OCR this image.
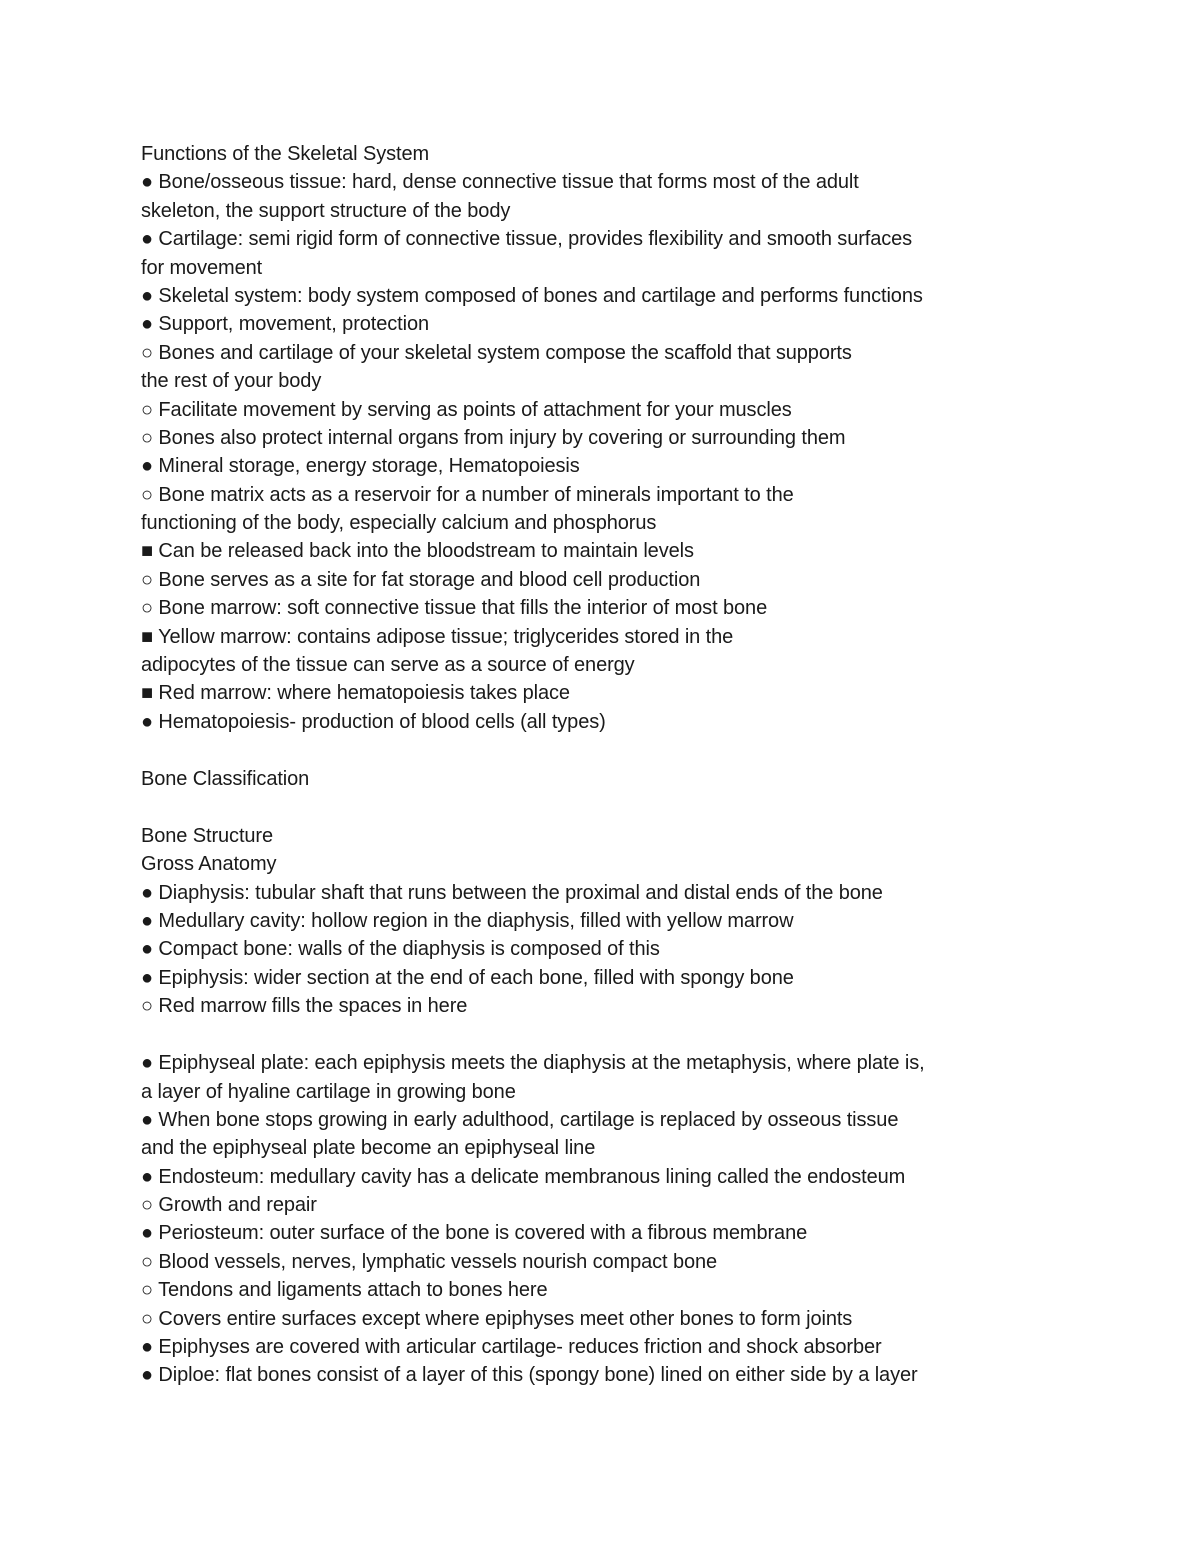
Functions of the Skeletal System
● Bone/osseous tissue: hard, dense connective tissue that forms most of the adult
skeleton, the support structure of the body
● Cartilage: semi rigid form of connective tissue, provides flexibility and smooth surfaces
for movement
● Skeletal system: body system composed of bones and cartilage and performs functions
● Support, movement, protection
○ Bones and cartilage of your skeletal system compose the scaffold that supports
the rest of your body
○ Facilitate movement by serving as points of attachment for your muscles
○ Bones also protect internal organs from injury by covering or surrounding them
● Mineral storage, energy storage, Hematopoiesis
○ Bone matrix acts as a reservoir for a number of minerals important to the
functioning of the body, especially calcium and phosphorus
■ Can be released back into the bloodstream to maintain levels
○ Bone serves as a site for fat storage and blood cell production
○ Bone marrow: soft connective tissue that fills the interior of most bone
■ Yellow marrow: contains adipose tissue; triglycerides stored in the
adipocytes of the tissue can serve as a source of energy
■ Red marrow: where hematopoiesis takes place
● Hematopoiesis- production of blood cells (all types)
Bone Classification
Bone Structure
Gross Anatomy
● Diaphysis: tubular shaft that runs between the proximal and distal ends of the bone
● Medullary cavity: hollow region in the diaphysis, filled with yellow marrow
● Compact bone: walls of the diaphysis is composed of this
● Epiphysis: wider section at the end of each bone, filled with spongy bone
○ Red marrow fills the spaces in here
● Epiphyseal plate: each epiphysis meets the diaphysis at the metaphysis, where plate is,
a layer of hyaline cartilage in growing bone
● When bone stops growing in early adulthood, cartilage is replaced by osseous tissue
and the epiphyseal plate become an epiphyseal line
● Endosteum: medullary cavity has a delicate membranous lining called the endosteum
○ Growth and repair
● Periosteum: outer surface of the bone is covered with a fibrous membrane
○ Blood vessels, nerves, lymphatic vessels nourish compact bone
○ Tendons and ligaments attach to bones here
○ Covers entire surfaces except where epiphyses meet other bones to form joints
● Epiphyses are covered with articular cartilage- reduces friction and shock absorber
● Diploe: flat bones consist of a layer of this (spongy bone) lined on either side by a layer
